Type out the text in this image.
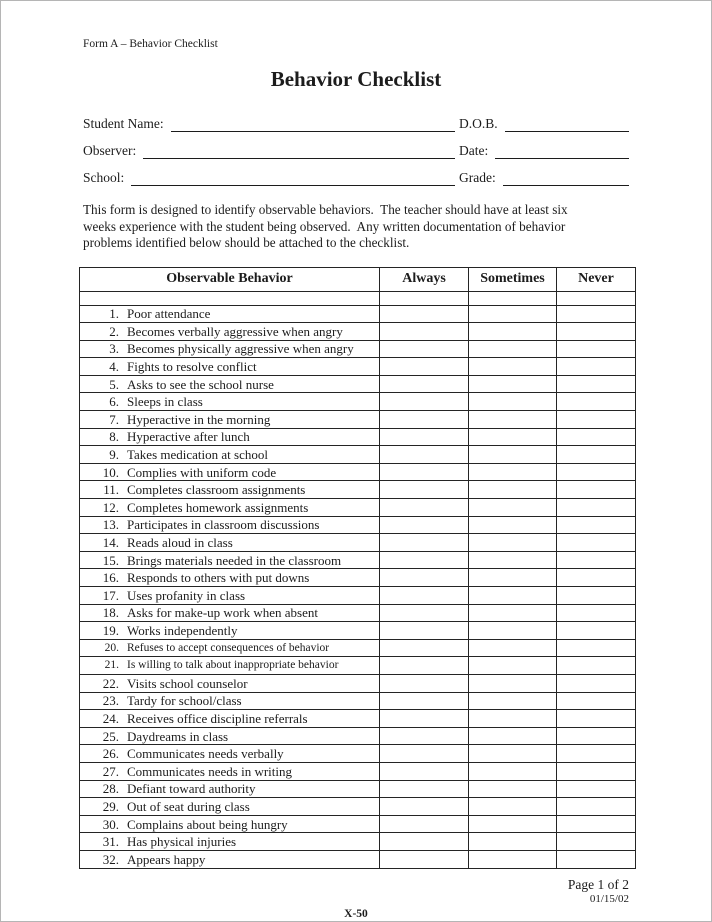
Form A – Behavior Checklist
Behavior Checklist
Student Name:	D.O.B.
Observer:	Date:
School:	Grade:
This form is designed to identify observable behaviors.  The teacher should have at least six
weeks experience with the student being observed.  Any written documentation of behavior
problems identified below should be attached to the checklist.
Observable Behavior	Always	Sometimes	Never

1. Poor attendance			
2. Becomes verbally aggressive when angry			
3. Becomes physically aggressive when angry			
4. Fights to resolve conflict			
5. Asks to see the school nurse			
6. Sleeps in class			
7. Hyperactive in the morning			
8. Hyperactive after lunch			
9. Takes medication at school			
10. Complies with uniform code			
11. Completes classroom assignments			
12. Completes homework assignments			
13. Participates in classroom discussions			
14. Reads aloud in class			
15. Brings materials needed in the classroom			
16. Responds to others with put downs			
17. Uses profanity in class			
18. Asks for make-up work when absent			
19. Works independently			
20. Refuses to accept consequences of behavior			
21. Is willing to talk about inappropriate behavior			
22. Visits school counselor			
23. Tardy for school/class			
24. Receives office discipline referrals			
25. Daydreams in class			
26. Communicates needs verbally			
27. Communicates needs in writing			
28. Defiant toward authority			
29. Out of seat during class			
30. Complains about being hungry			
31. Has physical injuries			
32. Appears happy			
Page 1 of 2
01/15/02
X-50
